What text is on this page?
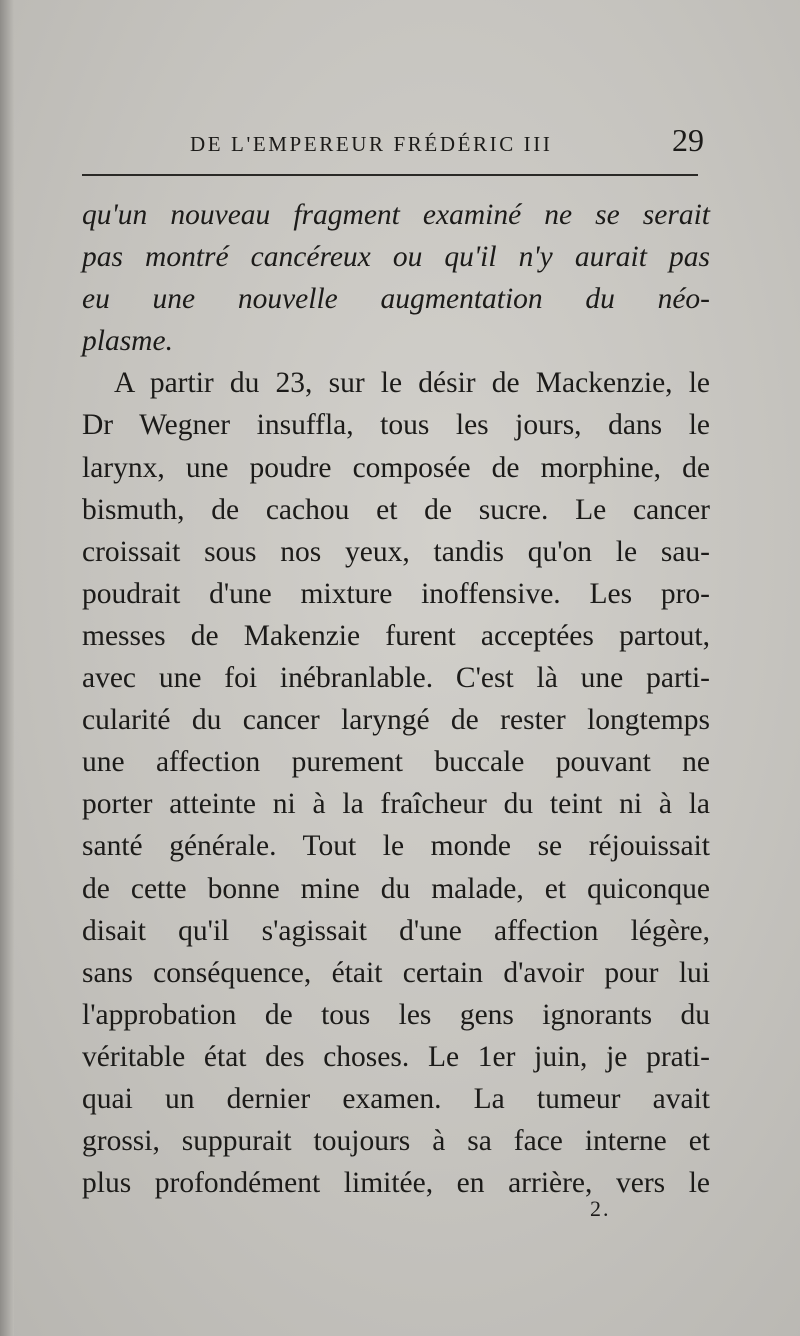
DE L'EMPEREUR FRÉDÉRIC III	29
qu'un nouveau fragment examiné ne se serait
pas montré cancéreux ou qu'il n'y aurait pas
eu une nouvelle augmentation du néo-
plasme.
A partir du 23, sur le désir de Mackenzie, le
Dr Wegner insuffla, tous les jours, dans le
larynx, une poudre composée de morphine, de
bismuth, de cachou et de sucre. Le cancer
croissait sous nos yeux, tandis qu'on le sau-
poudrait d'une mixture inoffensive. Les pro-
messes de Makenzie furent acceptées partout,
avec une foi inébranlable. C'est là une parti-
cularité du cancer laryngé de rester longtemps
une affection purement buccale pouvant ne
porter atteinte ni à la fraîcheur du teint ni à la
santé générale. Tout le monde se réjouissait
de cette bonne mine du malade, et quiconque
disait qu'il s'agissait d'une affection légère,
sans conséquence, était certain d'avoir pour lui
l'approbation de tous les gens ignorants du
véritable état des choses. Le 1er juin, je prati-
quai un dernier examen. La tumeur avait
grossi, suppurait toujours à sa face interne et
plus profondément limitée, en arrière, vers le
2.
